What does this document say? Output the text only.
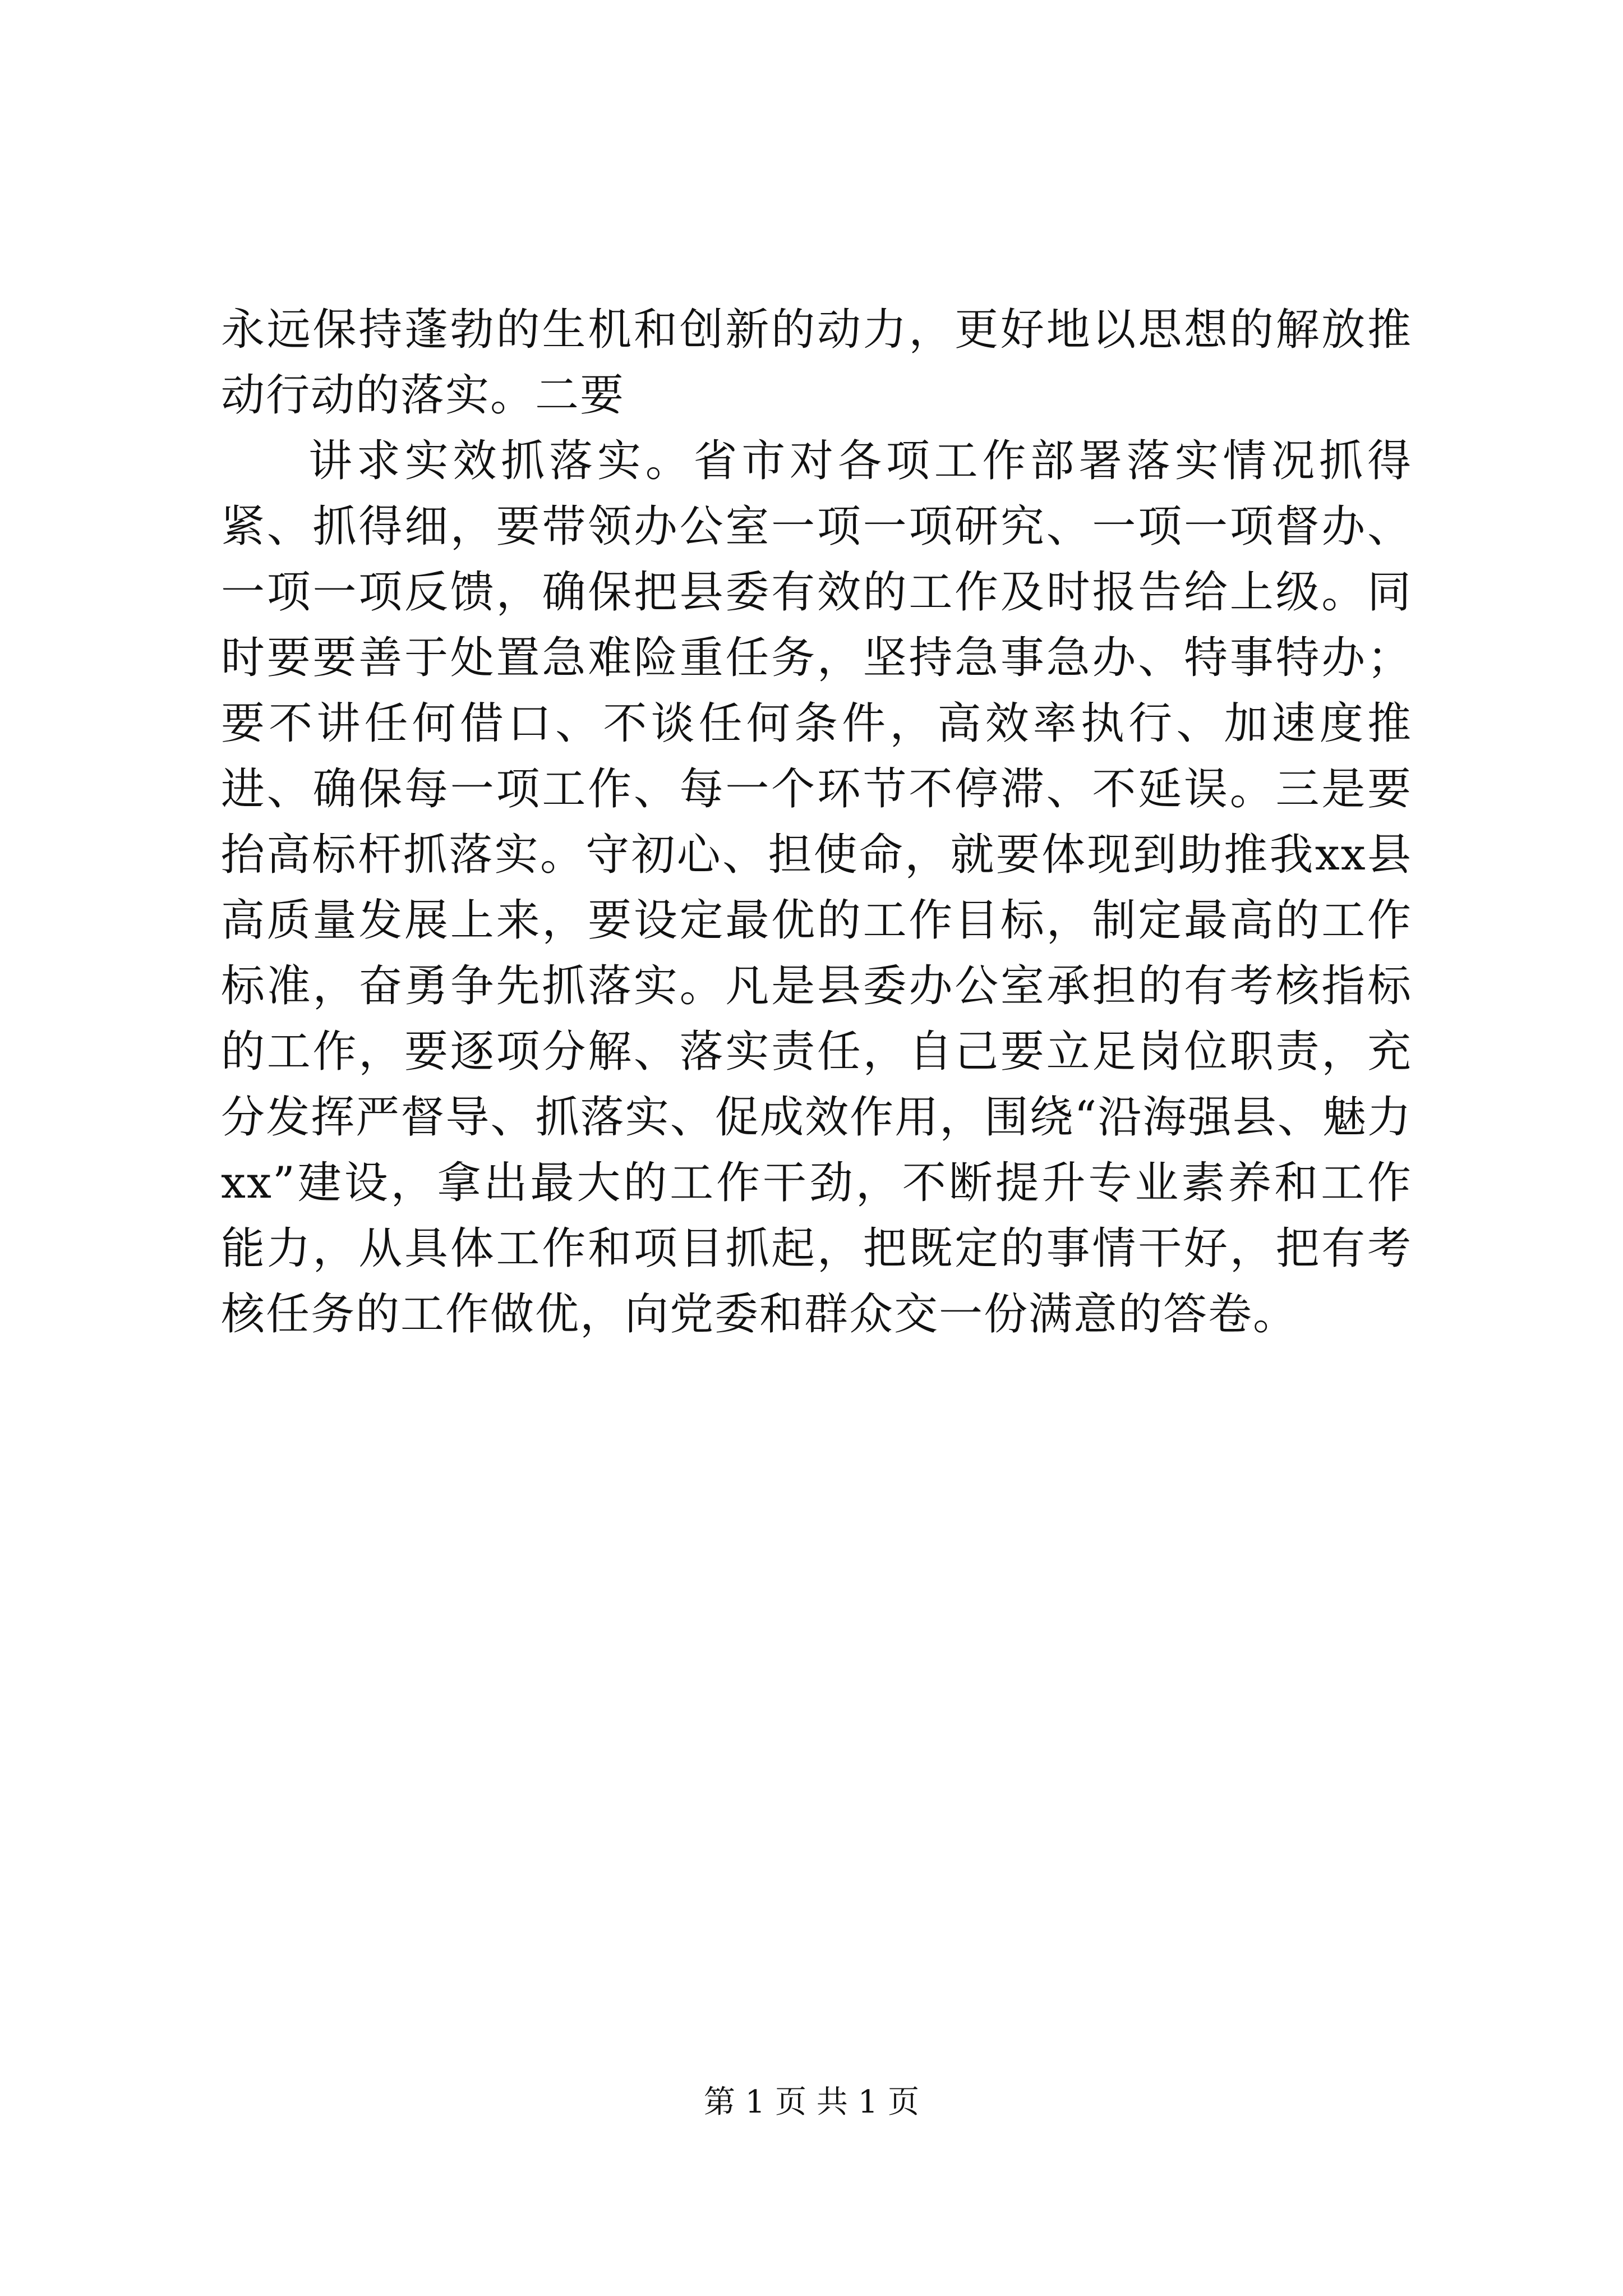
永远保持蓬勃的生机和创新的动力，更好地以思想的解放推动行动的落实。二要

讲求实效抓落实。省市对各项工作部署落实情况抓得紧、抓得细，要带领办公室一项一项研究、一项一项督办、一项一项反馈，确保把县委有效的工作及时报告给上级。同时要要善于处置急难险重任务，坚持急事急办、特事特办；要不讲任何借口、不谈任何条件，高效率执行、加速度推进、确保每一项工作、每一个环节不停滞、不延误。三是要抬高标杆抓落实。守初心、担使命，就要体现到助推我xx县高质量发展上来，要设定最优的工作目标，制定最高的工作标准，奋勇争先抓落实。凡是县委办公室承担的有考核指标的工作，要逐项分解、落实责任，自己要立足岗位职责，充分发挥严督导、抓落实、促成效作用，围绕“沿海强县、魅力xx”建设，拿出最大的工作干劲，不断提升专业素养和工作能力，从具体工作和项目抓起，把既定的事情干好，把有考核任务的工作做优，向党委和群众交一份满意的答卷。

第 1 页 共 1 页
